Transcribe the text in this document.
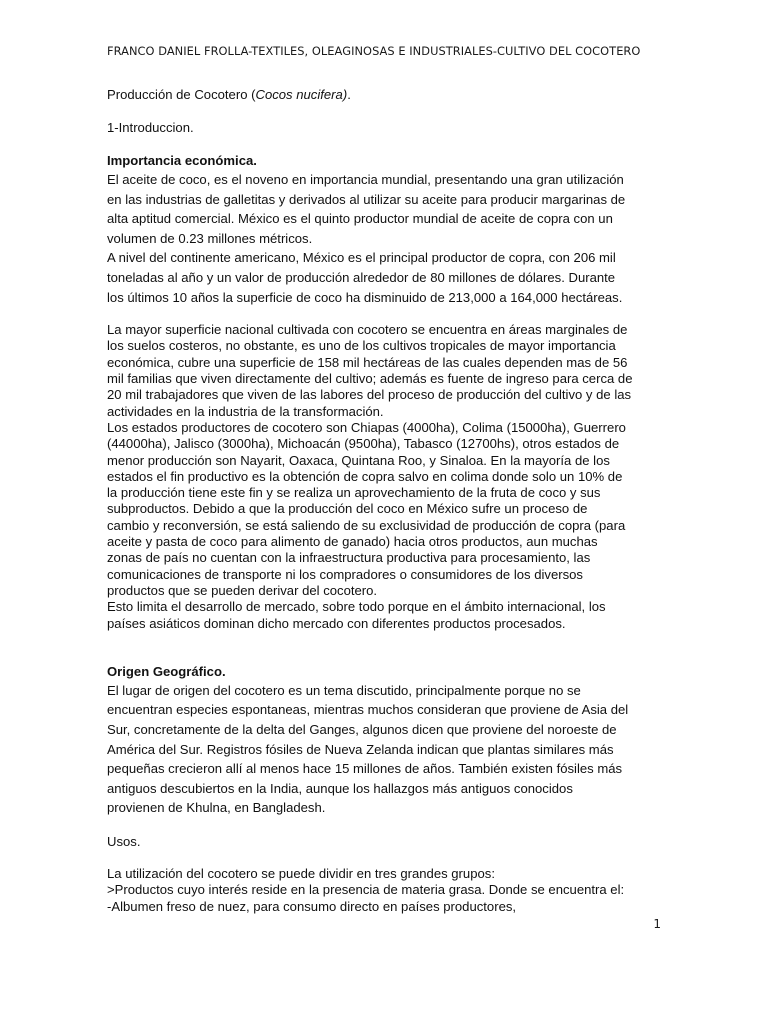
FRANCO DANIEL FROLLA-TEXTILES, OLEAGINOSAS E INDUSTRIALES-CULTIVO DEL COCOTERO

Producción de Cocotero (Cocos nucifera).

1-Introduccion.

Importancia económica.

El aceite de coco, es el noveno en importancia mundial, presentando una gran utilización
en las industrias de galletitas y derivados al utilizar su aceite para producir margarinas de
alta aptitud comercial. México es el quinto productor mundial de aceite de copra con un
volumen de 0.23 millones métricos.
A nivel del continente americano, México es el principal productor de copra, con 206 mil
toneladas al año y un valor de producción alrededor de 80 millones de dólares. Durante
los últimos 10 años la superficie de coco ha disminuido de 213,000 a 164,000 hectáreas.
La mayor superficie nacional cultivada con cocotero se encuentra en áreas marginales de
los suelos costeros, no obstante, es uno de los cultivos tropicales de mayor importancia
económica, cubre una superficie de 158 mil hectáreas de las cuales dependen mas de 56
mil familias que viven directamente del cultivo; además es fuente de ingreso para cerca de
20 mil trabajadores que viven de las labores del proceso de producción del cultivo y de las
actividades en la industria de la transformación.
Los estados productores de cocotero son Chiapas (4000ha), Colima (15000ha), Guerrero
(44000ha), Jalisco (3000ha), Michoacán (9500ha), Tabasco (12700hs), otros estados de
menor producción son Nayarit, Oaxaca, Quintana Roo, y Sinaloa. En la mayoría de los
estados el fin productivo es la obtención de copra salvo en colima donde solo un 10% de
la producción tiene este fin y se realiza un aprovechamiento de la fruta de coco y sus
subproductos. Debido a que la producción del coco en México sufre un proceso de
cambio y reconversión, se está saliendo de su exclusividad de producción de copra (para
aceite y pasta de coco para alimento de ganado) hacia otros productos, aun muchas
zonas de país no cuentan con la infraestructura productiva para procesamiento, las
comunicaciones de transporte ni los compradores o consumidores de los diversos
productos que se pueden derivar del cocotero.
Esto limita el desarrollo de mercado, sobre todo porque en el ámbito internacional, los
países asiáticos dominan dicho mercado con diferentes productos procesados.

Origen Geográfico.

El lugar de origen del cocotero es un tema discutido, principalmente porque no se
encuentran especies espontaneas, mientras muchos consideran que proviene de Asia del
Sur, concretamente de la delta del Ganges, algunos dicen que proviene del noroeste de
América del Sur. Registros fósiles de Nueva Zelanda indican que plantas similares más
pequeñas crecieron allí al menos hace 15 millones de años. También existen fósiles más
antiguos descubiertos en la India, aunque los hallazgos más antiguos conocidos
provienen de Khulna, en Bangladesh.

Usos.

La utilización del cocotero se puede dividir en tres grandes grupos:
>Productos cuyo interés reside en la presencia de materia grasa. Donde se encuentra el:
-Albumen freso de nuez, para consumo directo en países productores,
1
